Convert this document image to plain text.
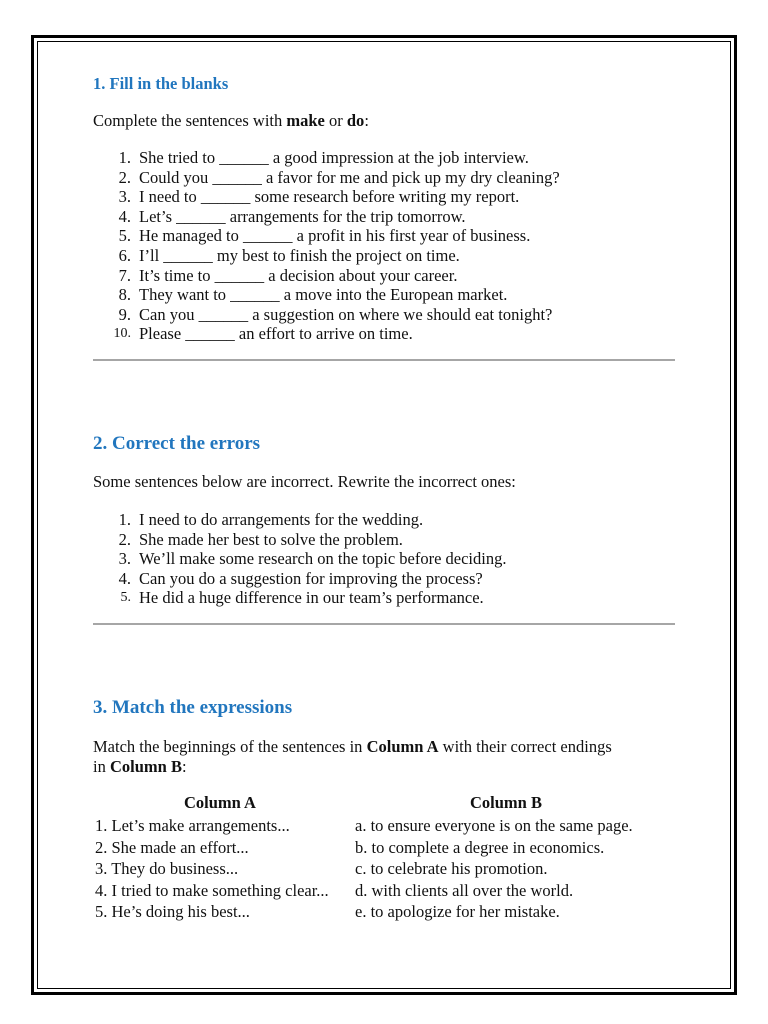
1. Fill in the blanks

Complete the sentences with make or do:

1. She tried to ______ a good impression at the job interview.
2. Could you ______ a favor for me and pick up my dry cleaning?
3. I need to ______ some research before writing my report.
4. Let’s ______ arrangements for the trip tomorrow.
5. He managed to ______ a profit in his first year of business.
6. I’ll ______ my best to finish the project on time.
7. It’s time to ______ a decision about your career.
8. They want to ______ a move into the European market.
9. Can you ______ a suggestion on where we should eat tonight?
10. Please ______ an effort to arrive on time.
2. Correct the errors

Some sentences below are incorrect. Rewrite the incorrect ones:

1. I need to do arrangements for the wedding.
2. She made her best to solve the problem.
3. We’ll make some research on the topic before deciding.
4. Can you do a suggestion for improving the process?
5. He did a huge difference in our team’s performance.
3. Match the expressions

Match the beginnings of the sentences in Column A with their correct endings
in Column B:

Column A	Column B
1. Let’s make arrangements...
2. She made an effort...
3. They do business...
4. I tried to make something clear...
5. He’s doing his best...
a. to ensure everyone is on the same page.
b. to complete a degree in economics.
c. to celebrate his promotion.
d. with clients all over the world.
e. to apologize for her mistake.
